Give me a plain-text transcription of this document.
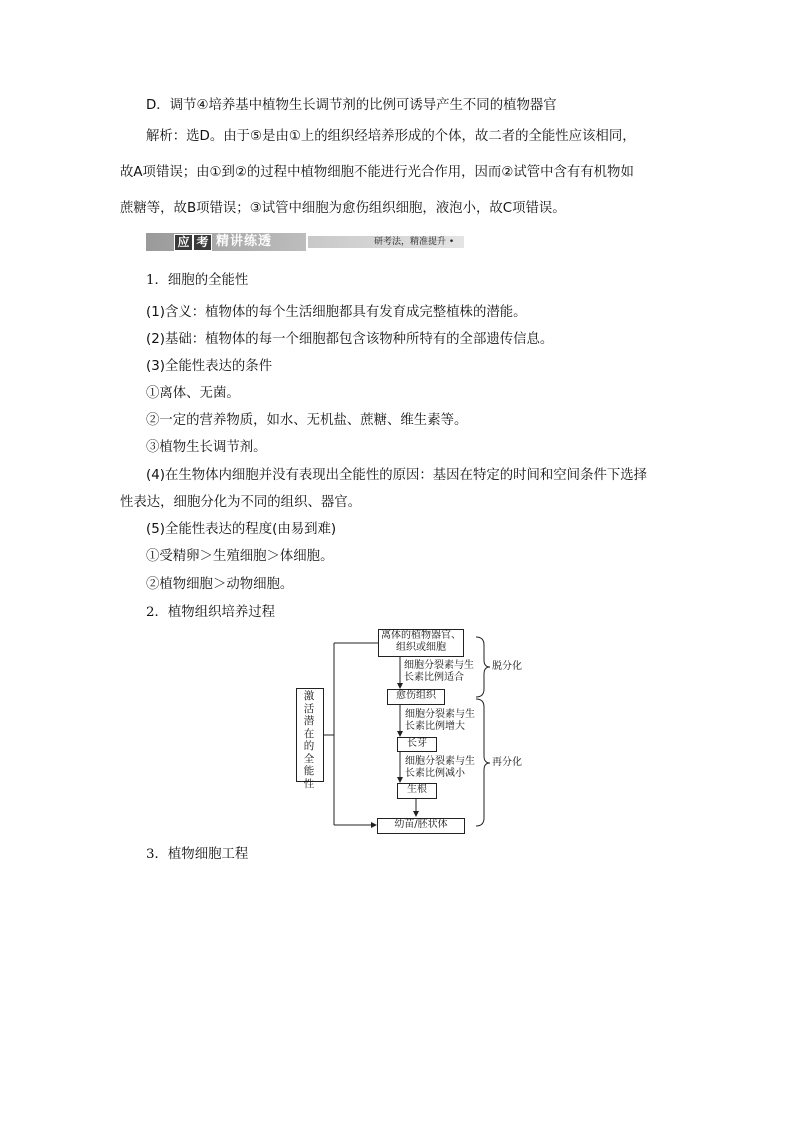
D．调节④培养基中植物生长调节剂的比例可诱导产生不同的植物器官
解析：选D。由于⑤是由①上的组织经培养形成的个体，故二者的全能性应该相同，
故A项错误；由①到②的过程中植物细胞不能进行光合作用，因而②试管中含有有机物如
蔗糖等，故B项错误；③试管中细胞为愈伤组织细胞，液泡小，故C项错误。
应 考 精讲练透	研考法，精准提升 •
1．细胞的全能性
(1)含义：植物体的每个生活细胞都具有发育成完整植株的潜能。
(2)基础：植物体的每一个细胞都包含该物种所特有的全部遗传信息。
(3)全能性表达的条件
①离体、无菌。
②一定的营养物质，如水、无机盐、蔗糖、维生素等。
③植物生长调节剂。
(4)在生物体内细胞并没有表现出全能性的原因：基因在特定的时间和空间条件下选择
性表达，细胞分化为不同的组织、器官。
(5)全能性表达的程度(由易到难)
①受精卵＞生殖细胞＞体细胞。
②植物细胞＞动物细胞。
2．植物组织培养过程
激活潜在的全能性
离体的植物器官、
组织或细胞
细胞分裂素与生
长素比例适合
愈伤组织
细胞分裂素与生
长素比例增大
长芽
细胞分裂素与生
长素比例减小
生根
幼苗/胚状体
脱分化
再分化
3．植物细胞工程
